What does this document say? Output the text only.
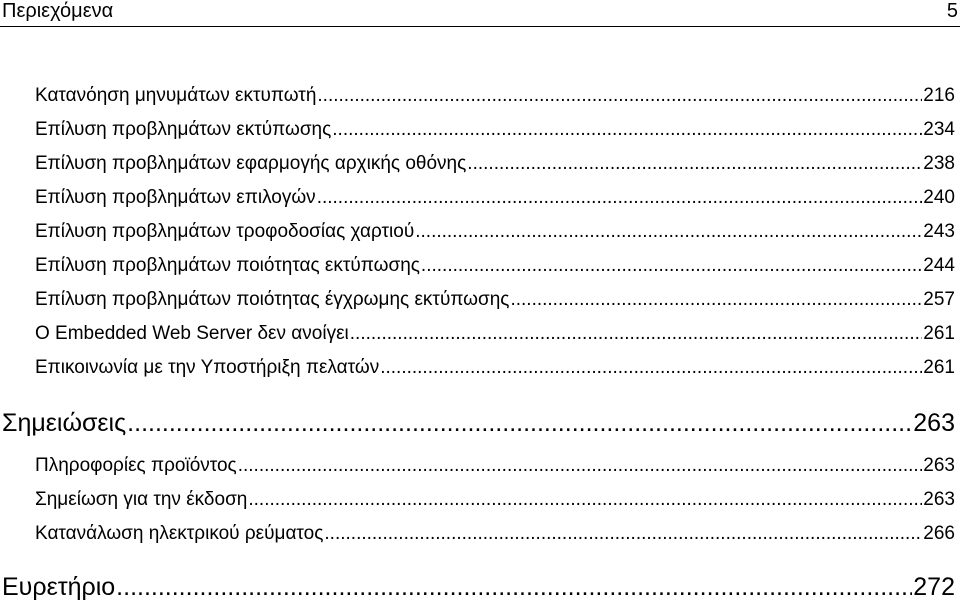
Περιεχόμενα	5
Κατανόηση μηνυμάτων εκτυπωτή .....	216
Επίλυση προβλημάτων εκτύπωσης .....	234
Επίλυση προβλημάτων εφαρμογής αρχικής οθόνης .....	238
Επίλυση προβλημάτων επιλογών .....	240
Επίλυση προβλημάτων τροφοδοσίας χαρτιού .....	243
Επίλυση προβλημάτων ποιότητας εκτύπωσης .....	244
Επίλυση προβλημάτων ποιότητας έγχρωμης εκτύπωσης .....	257
Ο Embedded Web Server δεν ανοίγει .....	261
Επικοινωνία με την Υποστήριξη πελατών .....	261
Σημειώσεις .....	263
Πληροφορίες προϊόντος .....	263
Σημείωση για την έκδοση .....	263
Κατανάλωση ηλεκτρικού ρεύματος .....	266
Ευρετήριο .....	272
